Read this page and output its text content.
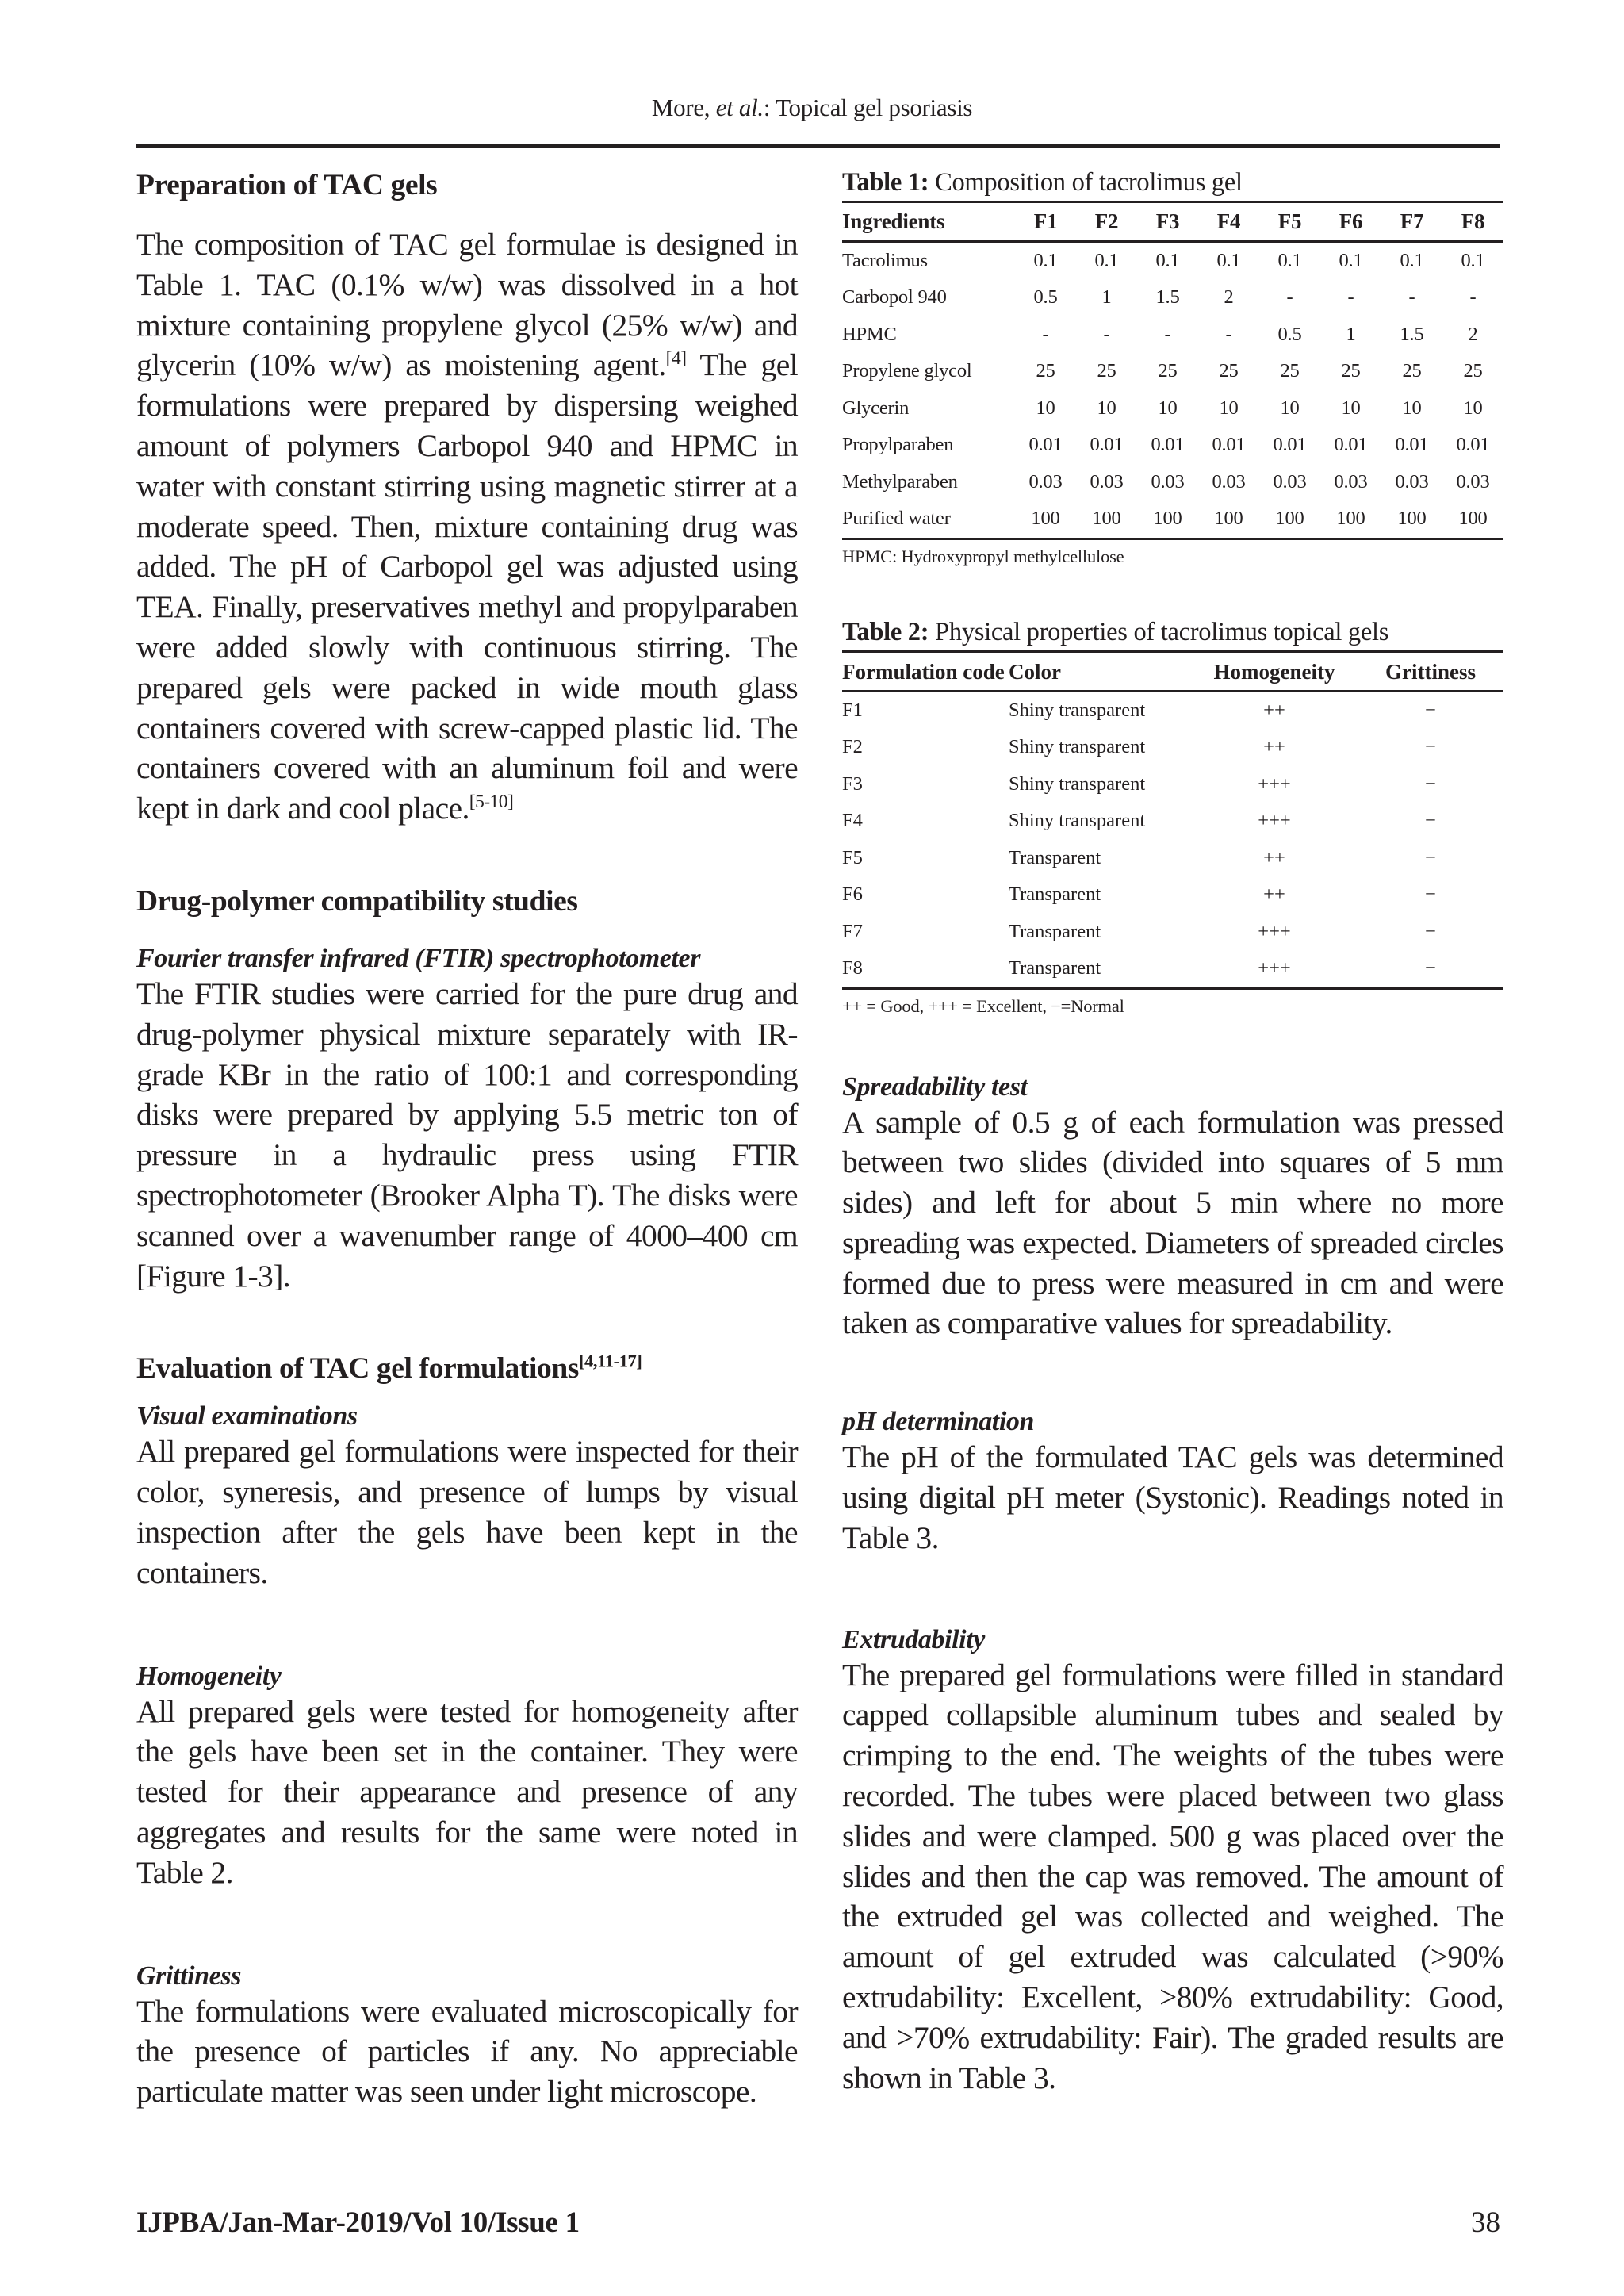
More, et al.: Topical gel psoriasis
Preparation of TAC gels

The composition of TAC gel formulae is designed in Table 1. TAC (0.1% w/w) was dissolved in a hot mixture containing propylene glycol (25% w/w) and glycerin (10% w/w) as moistening agent.[4] The gel formulations were prepared by dispersing weighed amount of polymers Carbopol 940 and HPMC in water with constant stirring using magnetic stirrer at a moderate speed. Then, mixture containing drug was added. The pH of Carbopol gel was adjusted using TEA. Finally, preservatives methyl and propylparaben were added slowly with continuous stirring. The prepared gels were packed in wide mouth glass containers covered with screw-capped plastic lid. The containers covered with an aluminum foil and were kept in dark and cool place.[5-10]

Drug-polymer compatibility studies
Fourier transfer infrared (FTIR) spectrophotometer

The FTIR studies were carried for the pure drug and drug-polymer physical mixture separately with IR-grade KBr in the ratio of 100:1 and corresponding disks were prepared by applying 5.5 metric ton of pressure in a hydraulic press using FTIR spectrophotometer (Brooker Alpha T). The disks were scanned over a wavenumber range of 4000–400 cm [Figure 1-3].

Evaluation of TAC gel formulations[4,11-17]
Visual examinations

All prepared gel formulations were inspected for their color, syneresis, and presence of lumps by visual inspection after the gels have been kept in the containers.

Homogeneity

All prepared gels were tested for homogeneity after the gels have been set in the container. They were tested for their appearance and presence of any aggregates and results for the same were noted in Table 2.

Grittiness

The formulations were evaluated microscopically for the presence of particles if any. No appreciable particulate matter was seen under light microscope.

Table 1: Composition of tacrolimus gel

Ingredients	F1	F2	F3	F4	F5	F6	F7	F8
Tacrolimus	0.1	0.1	0.1	0.1	0.1	0.1	0.1	0.1
Carbopol 940	0.5	1	1.5	2	-	-	-	-
HPMC	-	-	-	-	0.5	1	1.5	2
Propylene glycol	25	25	25	25	25	25	25	25
Glycerin	10	10	10	10	10	10	10	10
Propylparaben	0.01	0.01	0.01	0.01	0.01	0.01	0.01	0.01
Methylparaben	0.03	0.03	0.03	0.03	0.03	0.03	0.03	0.03
Purified water	100	100	100	100	100	100	100	100

HPMC: Hydroxypropyl methylcellulose

Table 2: Physical properties of tacrolimus topical gels

Formulation code	Color	Homogeneity	Grittiness
F1	Shiny transparent	++	−
F2	Shiny transparent	++	−
F3	Shiny transparent	+++	−
F4	Shiny transparent	+++	−
F5	Transparent	++	−
F6	Transparent	++	−
F7	Transparent	+++	−
F8	Transparent	+++	−

++ = Good, +++ = Excellent, −=Normal

Spreadability test

A sample of 0.5 g of each formulation was pressed between two slides (divided into squares of 5 mm sides) and left for about 5 min where no more spreading was expected. Diameters of spreaded circles formed due to press were measured in cm and were taken as comparative values for spreadability.

pH determination

The pH of the formulated TAC gels was determined using digital pH meter (Systonic). Readings noted in Table 3.

Extrudability

The prepared gel formulations were filled in standard capped collapsible aluminum tubes and sealed by crimping to the end. The weights of the tubes were recorded. The tubes were placed between two glass slides and were clamped. 500 g was placed over the slides and then the cap was removed. The amount of the extruded gel was collected and weighed. The amount of gel extruded was calculated (>90% extrudability: Excellent, >80% extrudability: Good, and >70% extrudability: Fair). The graded results are shown in Table 3.

IJPBA/Jan-Mar-2019/Vol 10/Issue 1	38
